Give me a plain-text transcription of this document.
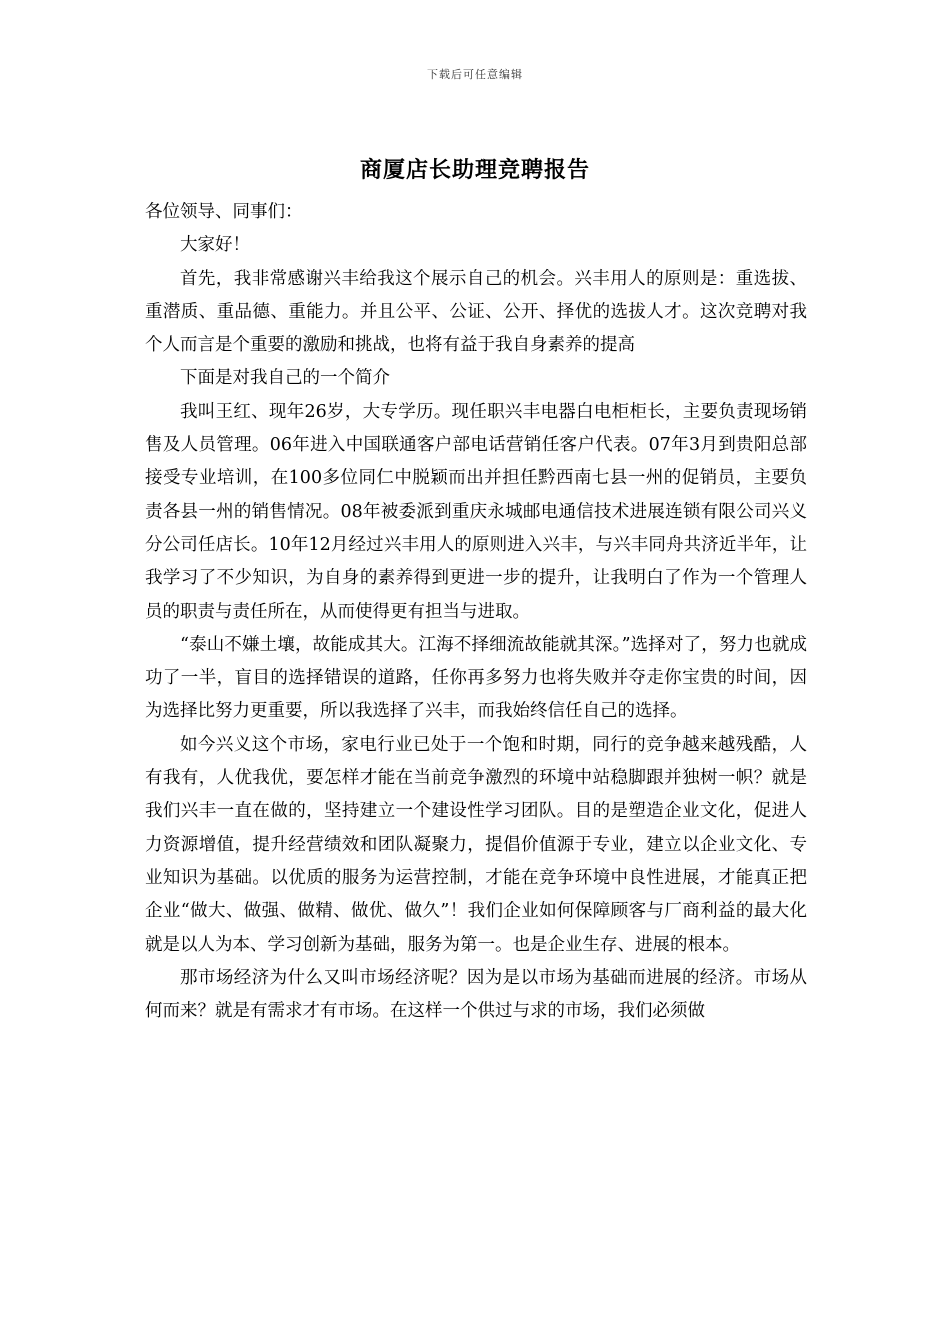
下载后可任意编辑
商厦店长助理竞聘报告

各位领导、同事们：

大家好！

首先，我非常感谢兴丰给我这个展示自己的机会。兴丰用人的原则是：重选拔、重潜质、重品德、重能力。并且公平、公证、公开、择优的选拔人才。这次竞聘对我个人而言是个重要的激励和挑战，也将有益于我自身素养的提高

下面是对我自己的一个简介

我叫王红、现年26岁，大专学历。现任职兴丰电器白电柜柜长，主要负责现场销售及人员管理。06年进入中国联通客户部电话营销任客户代表。07年3月到贵阳总部接受专业培训，在100多位同仁中脱颖而出并担任黔西南七县一州的促销员，主要负责各县一州的销售情况。08年被委派到重庆永城邮电通信技术进展连锁有限公司兴义分公司任店长。10年12月经过兴丰用人的原则进入兴丰，与兴丰同舟共济近半年，让我学习了不少知识，为自身的素养得到更进一步的提升，让我明白了作为一个管理人员的职责与责任所在，从而使得更有担当与进取。

“泰山不嫌土壤，故能成其大。江海不择细流故能就其深。”选择对了，努力也就成功了一半，盲目的选择错误的道路，任你再多努力也将失败并夺走你宝贵的时间，因为选择比努力更重要，所以我选择了兴丰，而我始终信任自己的选择。

如今兴义这个市场，家电行业已处于一个饱和时期，同行的竞争越来越残酷，人有我有，人优我优，要怎样才能在当前竞争激烈的环境中站稳脚跟并独树一帜？就是我们兴丰一直在做的，坚持建立一个建设性学习团队。目的是塑造企业文化，促进人力资源增值，提升经营绩效和团队凝聚力，提倡价值源于专业，建立以企业文化、专业知识为基础。以优质的服务为运营控制，才能在竞争环境中良性进展，才能真正把企业“做大、做强、做精、做优、做久”！我们企业如何保障顾客与厂商利益的最大化就是以人为本、学习创新为基础，服务为第一。也是企业生存、进展的根本。

那市场经济为什么又叫市场经济呢？因为是以市场为基础而进展的经济。市场从何而来？就是有需求才有市场。在这样一个供过与求的市场，我们必须做
